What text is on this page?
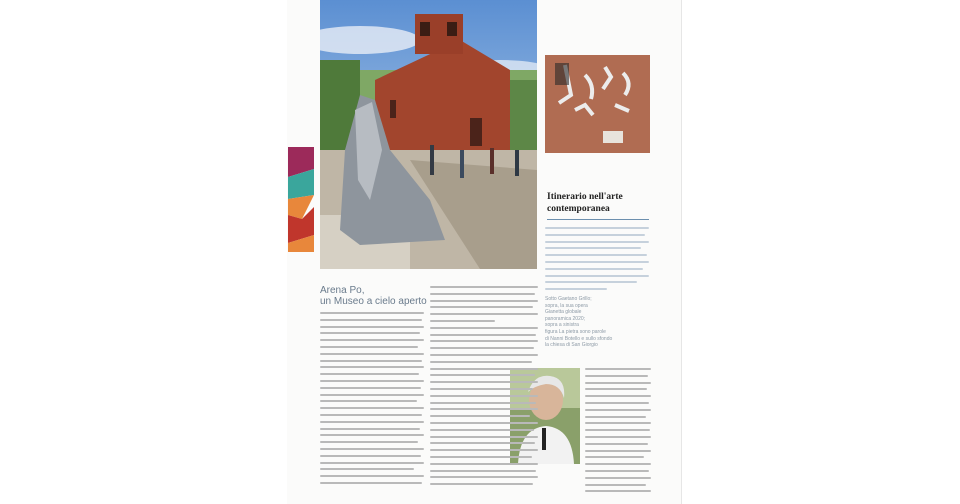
Itinerario nell'arte contemporanea
Arena Po,
un Museo a cielo aperto	Sotto Gaetano Grillo;
sopra, la sua opera
Gianetta globale
panoramica 2020;
sopra a sinistra
figura La pietra sono parole
di Nanni Botello e sullo sfondo
la chiesa di San Giorgio
